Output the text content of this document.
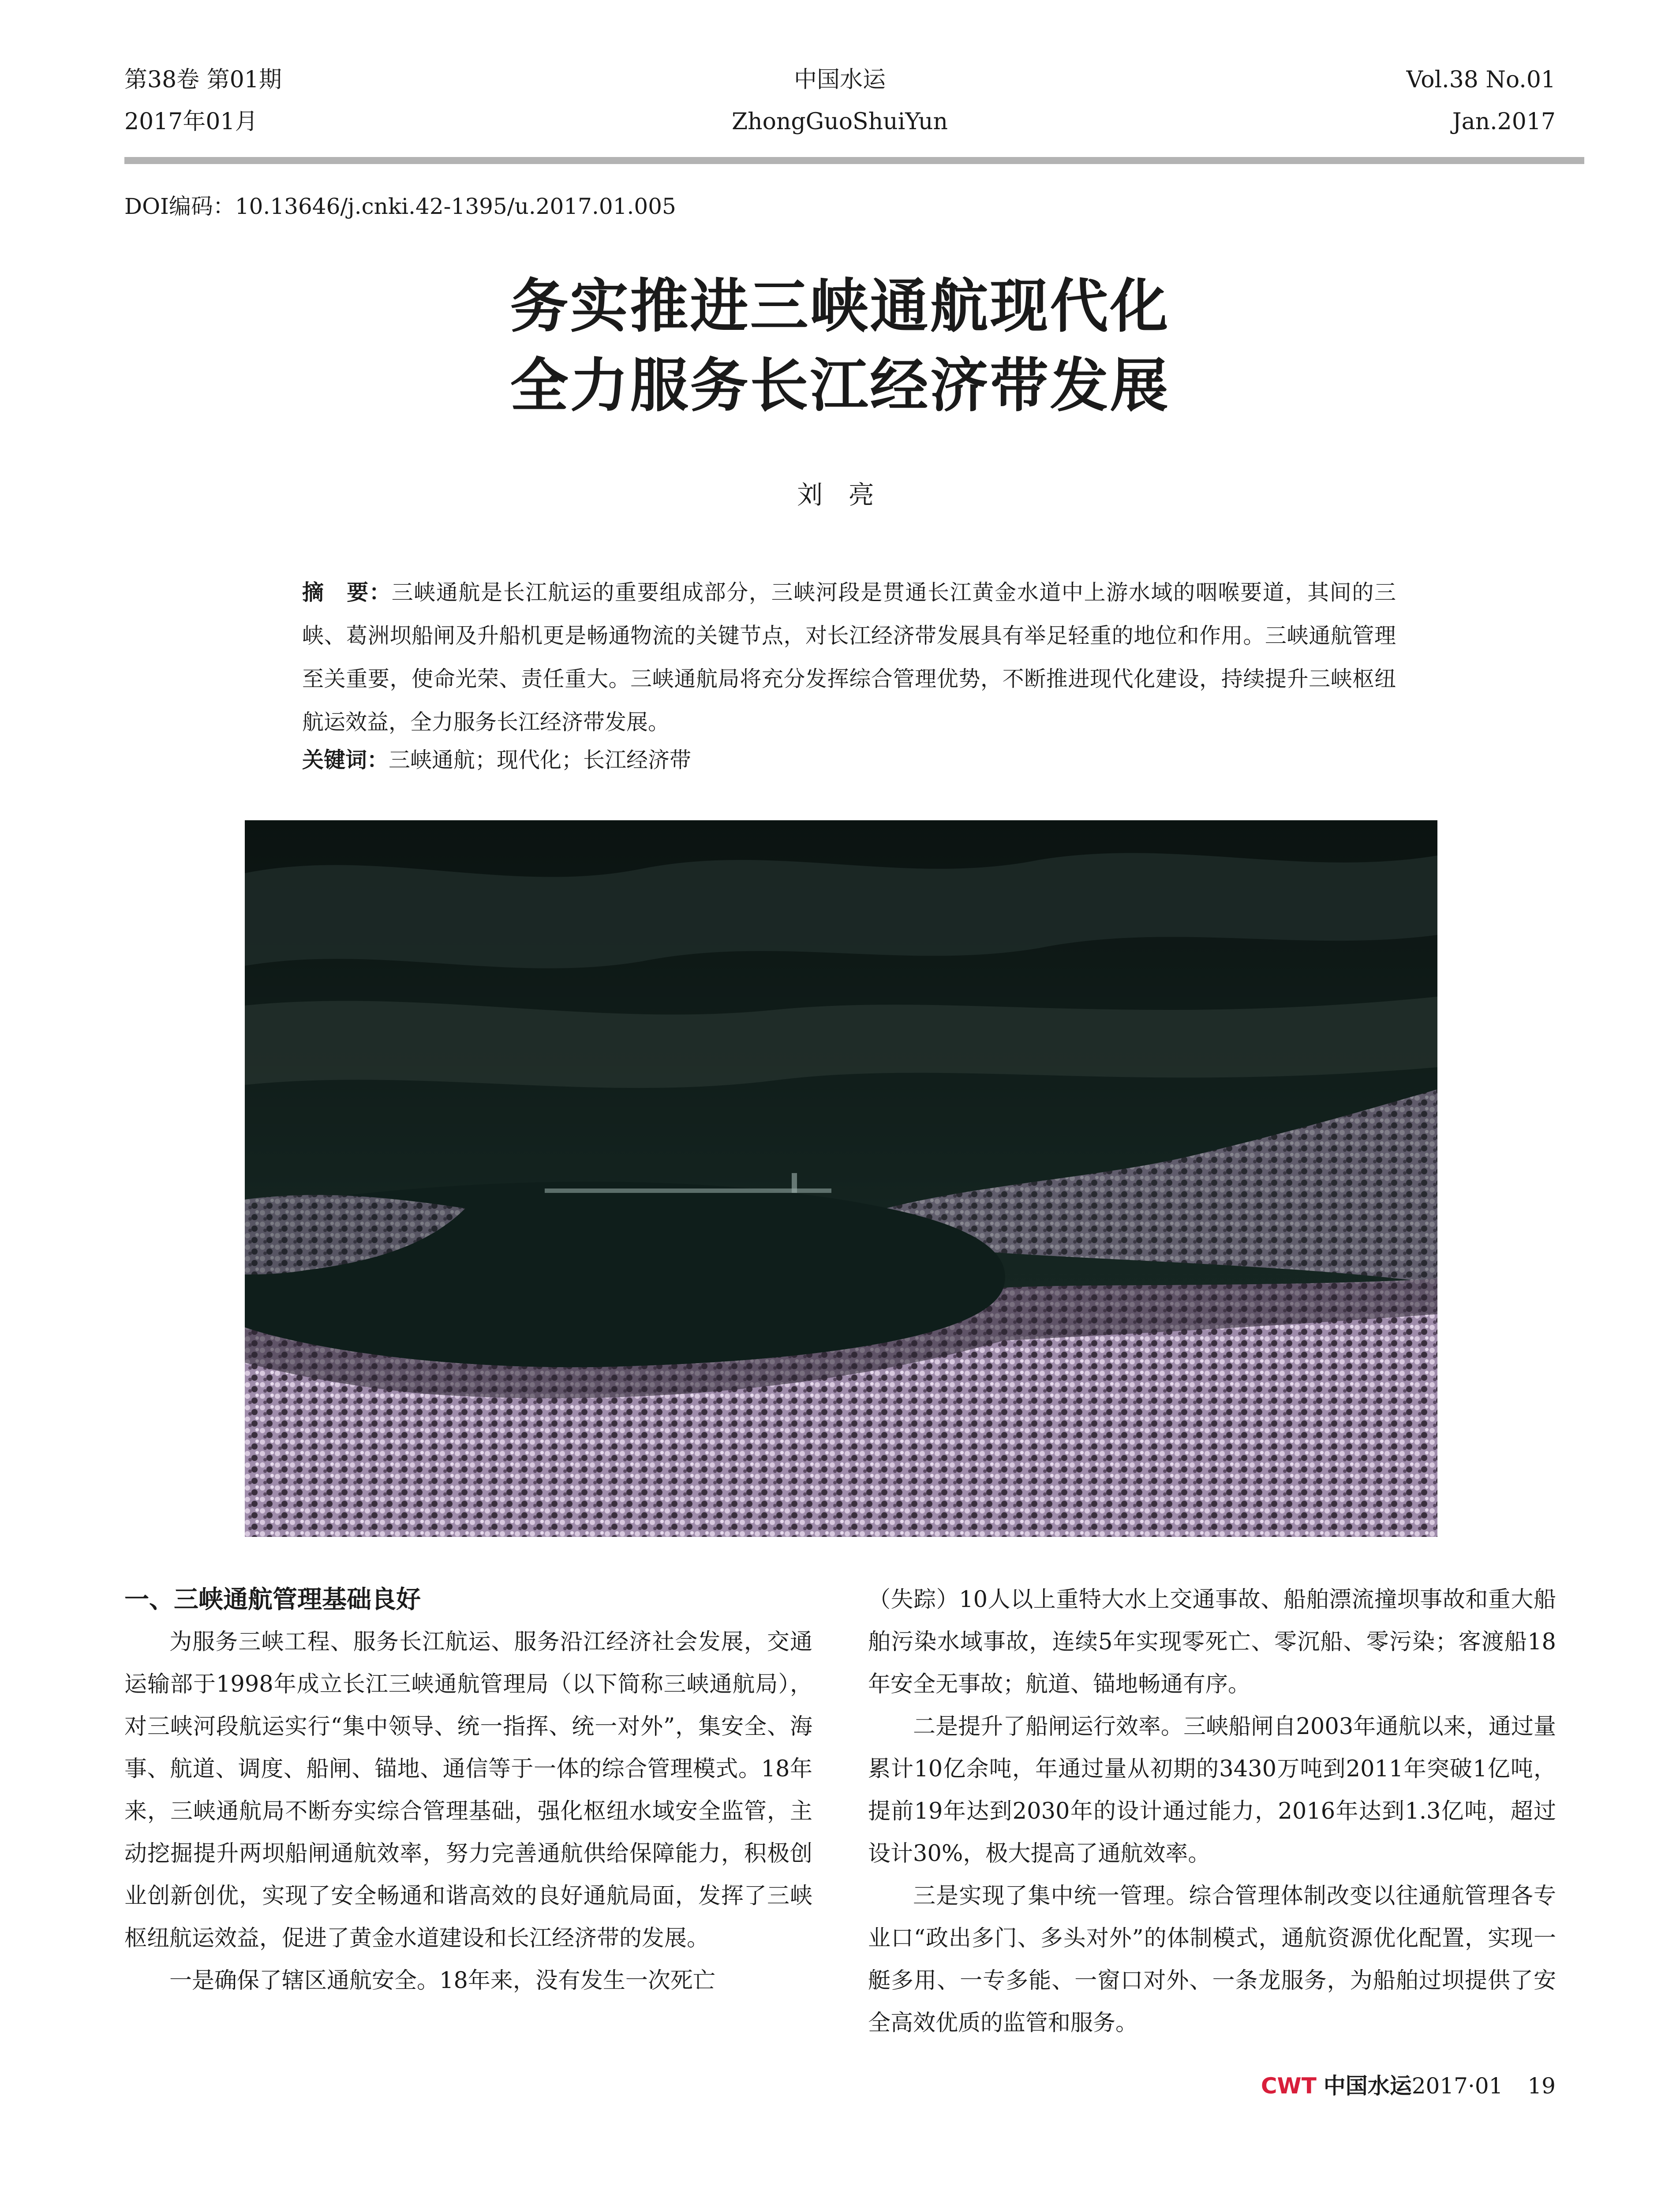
第38卷 第01期
2017年01月
中国水运
ZhongGuoShuiYun
Vol.38 No.01
Jan.2017
DOI编码：10.13646/j.cnki.42-1395/u.2017.01.005
务实推进三峡通航现代化
全力服务长江经济带发展
刘 亮
摘　要：三峡通航是长江航运的重要组成部分，三峡河段是贯通长江黄金水道中上游水域的咽喉要道，其间的三峡、葛洲坝船闸及升船机更是畅通物流的关键节点，对长江经济带发展具有举足轻重的地位和作用。三峡通航管理至关重要，使命光荣、责任重大。三峡通航局将充分发挥综合管理优势，不断推进现代化建设，持续提升三峡枢纽航运效益，全力服务长江经济带发展。
关键词：三峡通航；现代化；长江经济带
一、三峡通航管理基础良好

为服务三峡工程、服务长江航运、服务沿江经济社会发展，交通运输部于1998年成立长江三峡通航管理局（以下简称三峡通航局），对三峡河段航运实行“集中领导、统一指挥、统一对外”，集安全、海事、航道、调度、船闸、锚地、通信等于一体的综合管理模式。18年来，三峡通航局不断夯实综合管理基础，强化枢纽水域安全监管，主动挖掘提升两坝船闸通航效率，努力完善通航供给保障能力，积极创业创新创优，实现了安全畅通和谐高效的良好通航局面，发挥了三峡枢纽航运效益，促进了黄金水道建设和长江经济带的发展。

一是确保了辖区通航安全。18年来，没有发生一次死亡

（失踪）10人以上重特大水上交通事故、船舶漂流撞坝事故和重大船舶污染水域事故，连续5年实现零死亡、零沉船、零污染；客渡船18年安全无事故；航道、锚地畅通有序。

二是提升了船闸运行效率。三峡船闸自2003年通航以来，通过量累计10亿余吨，年通过量从初期的3430万吨到2011年突破1亿吨，提前19年达到2030年的设计通过能力，2016年达到1.3亿吨，超过设计30%，极大提高了通航效率。

三是实现了集中统一管理。综合管理体制改变以往通航管理各专业口“政出多门、多头对外”的体制模式，通航资源优化配置，实现一艇多用、一专多能、一窗口对外、一条龙服务，为船舶过坝提供了安全高效优质的监管和服务。

CWT 中国水运2017·01 19
